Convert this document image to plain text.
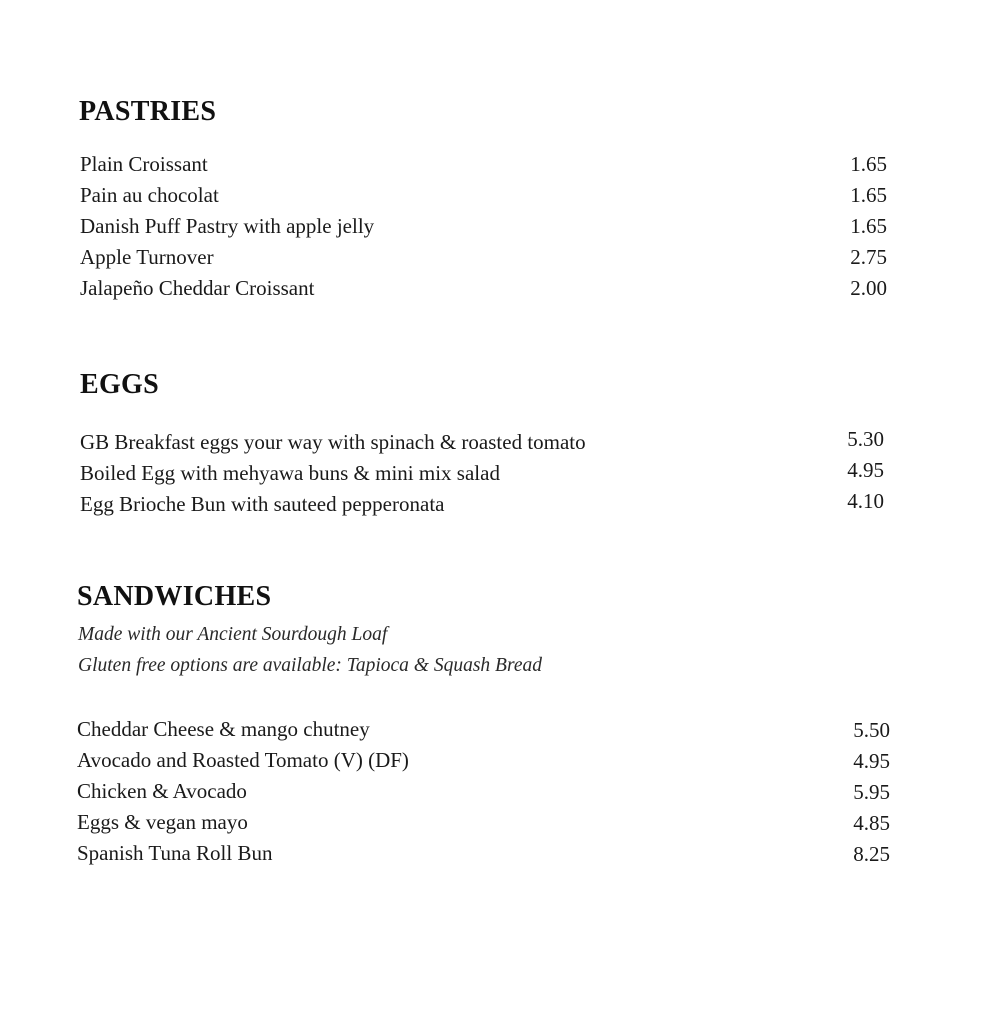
PASTRIES
Plain Croissant	1.65
Pain au chocolat	1.65
Danish Puff Pastry with apple jelly	1.65
Apple Turnover	2.75
Jalapeño Cheddar Croissant	2.00
EGGS
GB Breakfast eggs your way with spinach & roasted tomato	5.30
Boiled Egg with mehyawa buns & mini mix salad	4.95
Egg Brioche Bun with sauteed pepperonata	4.10
SANDWICHES
Made with our Ancient Sourdough Loaf
Gluten free options are available: Tapioca & Squash Bread
Cheddar Cheese & mango chutney	5.50
Avocado and Roasted Tomato (V) (DF)	4.95
Chicken & Avocado	5.95
Eggs & vegan mayo	4.85
Spanish Tuna Roll Bun	8.25
